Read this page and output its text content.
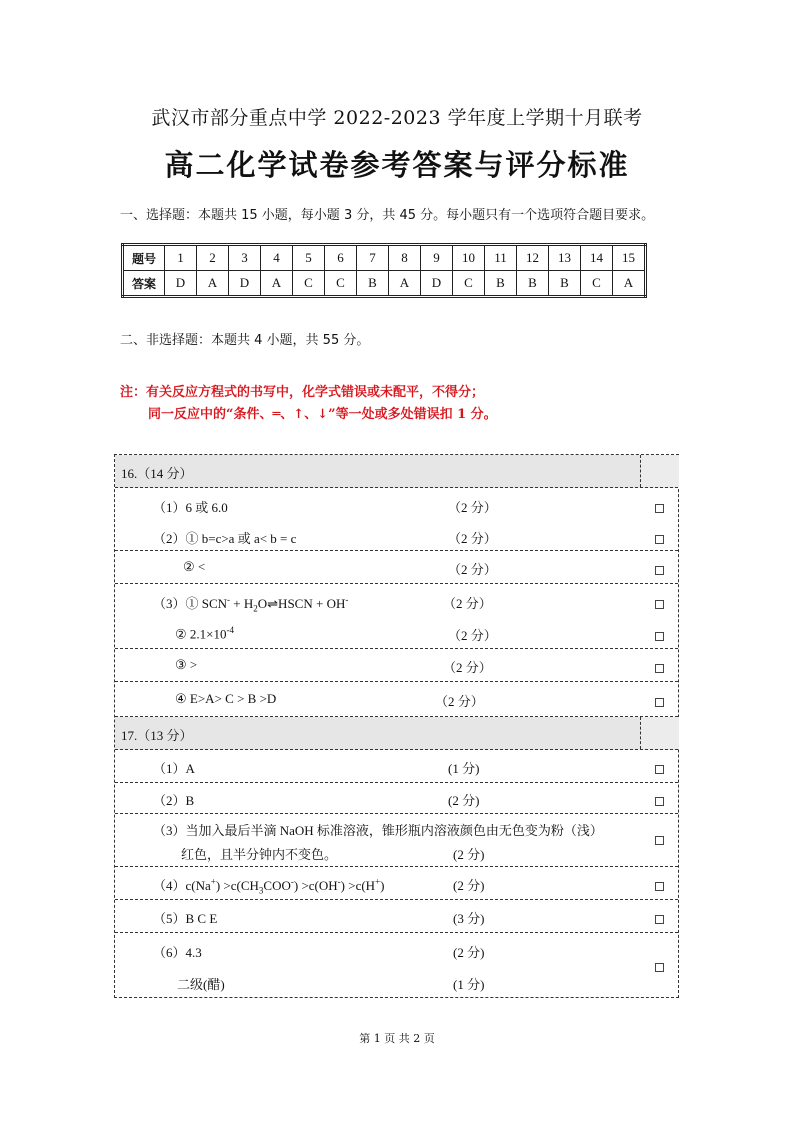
武汉市部分重点中学 2022-2023 学年度上学期十月联考
高二化学试卷参考答案与评分标准
一、选择题：本题共 15 小题，每小题 3 分，共 45 分。每小题只有一个选项符合题目要求。
题号	1	2	3	4	5	6	7	8	9	10	11	12	13	14	15
答案	D	A	D	A	C	C	B	A	D	C	B	B	B	C	A
二、非选择题：本题共 4 小题，共 55 分。
注：有关反应方程式的书写中，化学式错误或未配平，不得分；
同一反应中的“条件、═、↑、↓”等一处或多处错误扣 1 分。
16.（14 分）
（1）6 或 6.0	（2 分）
（2）① b=c>a 或 a< b = c	（2 分）
② <	（2 分）
（3）① $SCN^- + H_2O\rightleftharpoons HSCN + OH^-$	（2 分）
② $2.1\times 10^{-4}$	（2 分）
③ >	（2 分）
④ E>A> C > B >D	（2 分）
17.（13 分）
（1）A	(1 分)
（2）B	(2 分)
（3）当加入最后半滴 NaOH 标准溶液，锥形瓶内溶液颜色由无色变为粉（浅）
红色，且半分钟内不变色。	(2 分)
$(4)c(Na^+) >c(CH_3COO^-) >c(OH^-) >c(H^+)$	(2 分)
（5）B C E	(3 分)
（6）4.3	(2 分)
二级(醋)	(1 分)
第 1 页 共 2 页
